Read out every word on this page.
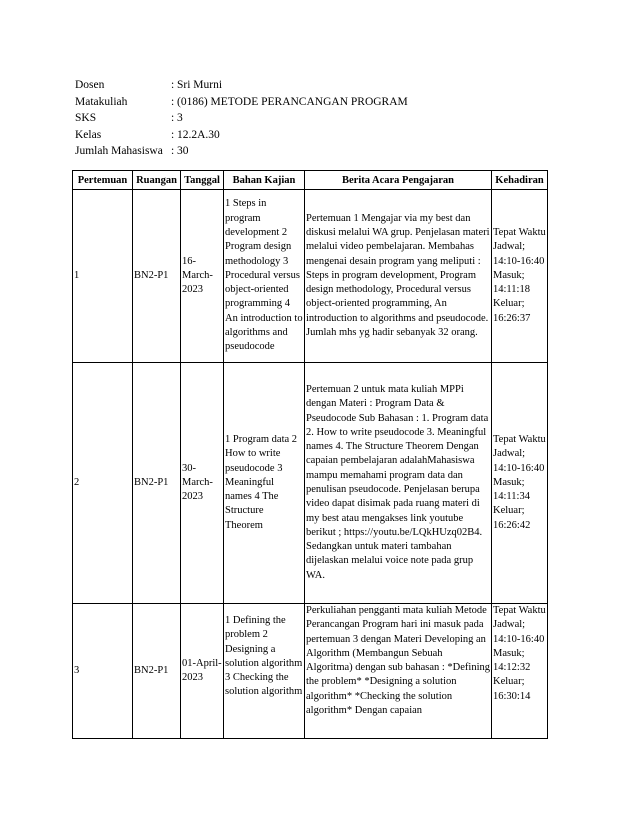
Dosen	: Sri Murni
Matakuliah	: (0186) METODE PERANCANGAN PROGRAM
SKS	: 3
Kelas	: 12.2A.30
Jumlah Mahasiswa : 30
Pertemuan	Ruangan	Tanggal	Bahan Kajian	Berita Acara Pengajaran	Kehadiran
1	BN2-P1	16-March-2023	1 Steps in program development 2 Program design methodology 3 Procedural versus object-oriented programming 4 An introduction to algorithms and pseudocode	Pertemuan 1 Mengajar via my best dan diskusi melalui WA grup. Penjelasan materi melalui video pembelajaran. Membahas mengenai desain program yang meliputi : Steps in program development, Program design methodology, Procedural versus object-oriented programming, An introduction to algorithms and pseudocode. Jumlah mhs yg hadir sebanyak 32 orang.	Tepat Waktu Jadwal; 14:10-16:40 Masuk; 14:11:18 Keluar; 16:26:37
2	BN2-P1	30-March-2023	1 Program data 2 How to write pseudocode 3 Meaningful names 4 The Structure Theorem	Pertemuan 2 untuk mata kuliah MPPi dengan Materi : Program Data & Pseudocode Sub Bahasan : 1. Program data 2. How to write pseudocode 3. Meaningful names 4. The Structure Theorem Dengan capaian pembelajaran adalahMahasiswa mampu memahami program data dan penulisan pseudocode. Penjelasan berupa video dapat disimak pada ruang materi di my best atau mengakses link youtube berikut ; https://youtu.be/LQkHUzq02B4. Sedangkan untuk materi tambahan dijelaskan melalui voice note pada grup WA.	Tepat Waktu Jadwal; 14:10-16:40 Masuk; 14:11:34 Keluar; 16:26:42
3	BN2-P1	01-April-2023	1 Defining the problem 2 Designing a solution algorithm 3 Checking the solution algorithm	Perkuliahan pengganti mata kuliah Metode Perancangan Program hari ini masuk pada pertemuan 3 dengan Materi Developing an Algorithm (Membangun Sebuah Algoritma) dengan sub bahasan : *Defining the problem* *Designing a solution algorithm* *Checking the solution algorithm* Dengan capaian	Tepat Waktu Jadwal; 14:10-16:40 Masuk; 14:12:32 Keluar; 16:30:14
